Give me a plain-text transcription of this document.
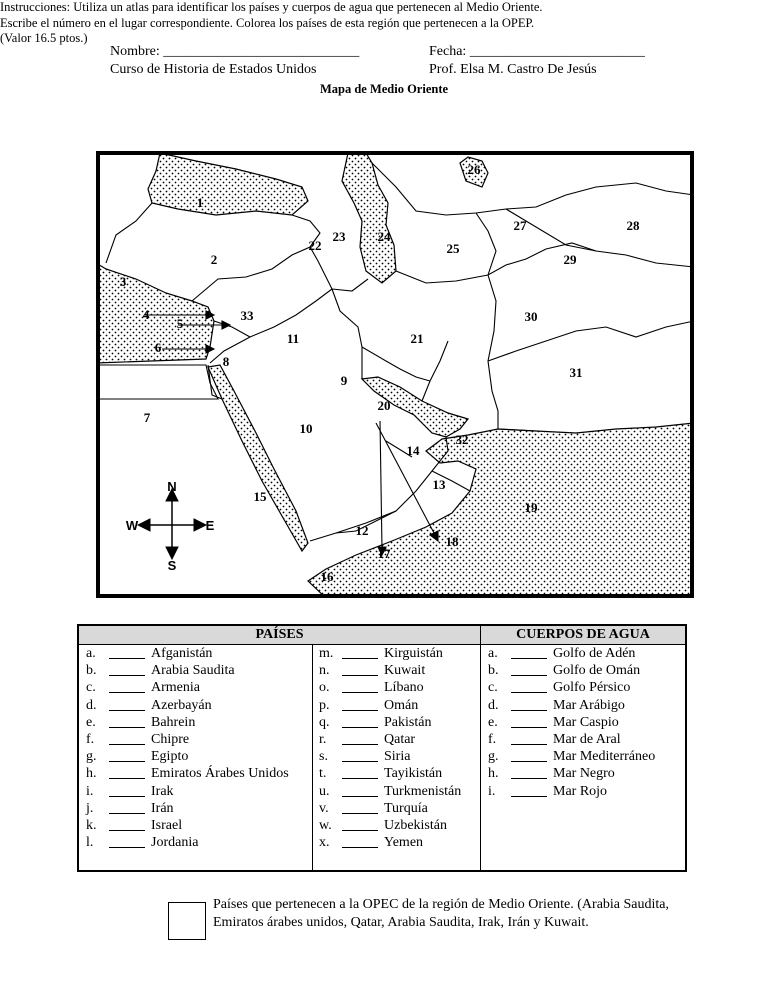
Nombre: ____________________________	Fecha: _________________________
Curso de Historia de Estados Unidos	Prof. Elsa M. Castro De Jesús
Mapa de Medio Oriente
Instrucciones: Utiliza un atlas para identificar los países y cuerpos de agua que pertenecen al Medio Oriente. Escribe el número en el lugar correspondiente. Colorea los países de esta región que pertenecen a la OPEP. (Valor 16.5 ptos.)
N
S
W	E
1
2
3
4
5
6
7
8
9
10
11
12
13
14
15
16
17
18
19
20
21
22
23 24
25
26
27	28
29
30
31
32
33
PAÍSES
a.	Afganistán
b.	Arabia Saudita
c.	Armenia
d.	Azerbayán
e.	Bahrein
f.	Chipre
g.	Egipto
h.	Emiratos Árabes Unidos
i.	Irak
j.	Irán
k.	Israel
l.	Jordania
m.	Kirguistán
n.	Kuwait
o.	Líbano
p.	Omán
q.	Pakistán
r.	Qatar
s.	Siria
t.	Tayikistán
u.	Turkmenistán
v.	Turquía
w.	Uzbekistán
x.	Yemen
CUERPOS DE AGUA
a.	Golfo de Adén
b.	Golfo de Omán
c.	Golfo Pérsico
d.	Mar Arábigo
e.	Mar Caspio
f.	Mar de Aral
g.	Mar Mediterráneo
h.	Mar Negro
i.	Mar Rojo
Países que pertenecen a la OPEC de la región de Medio Oriente. (Arabia Saudita, Emiratos árabes unidos, Qatar, Arabia Saudita, Irak, Irán y Kuwait.
